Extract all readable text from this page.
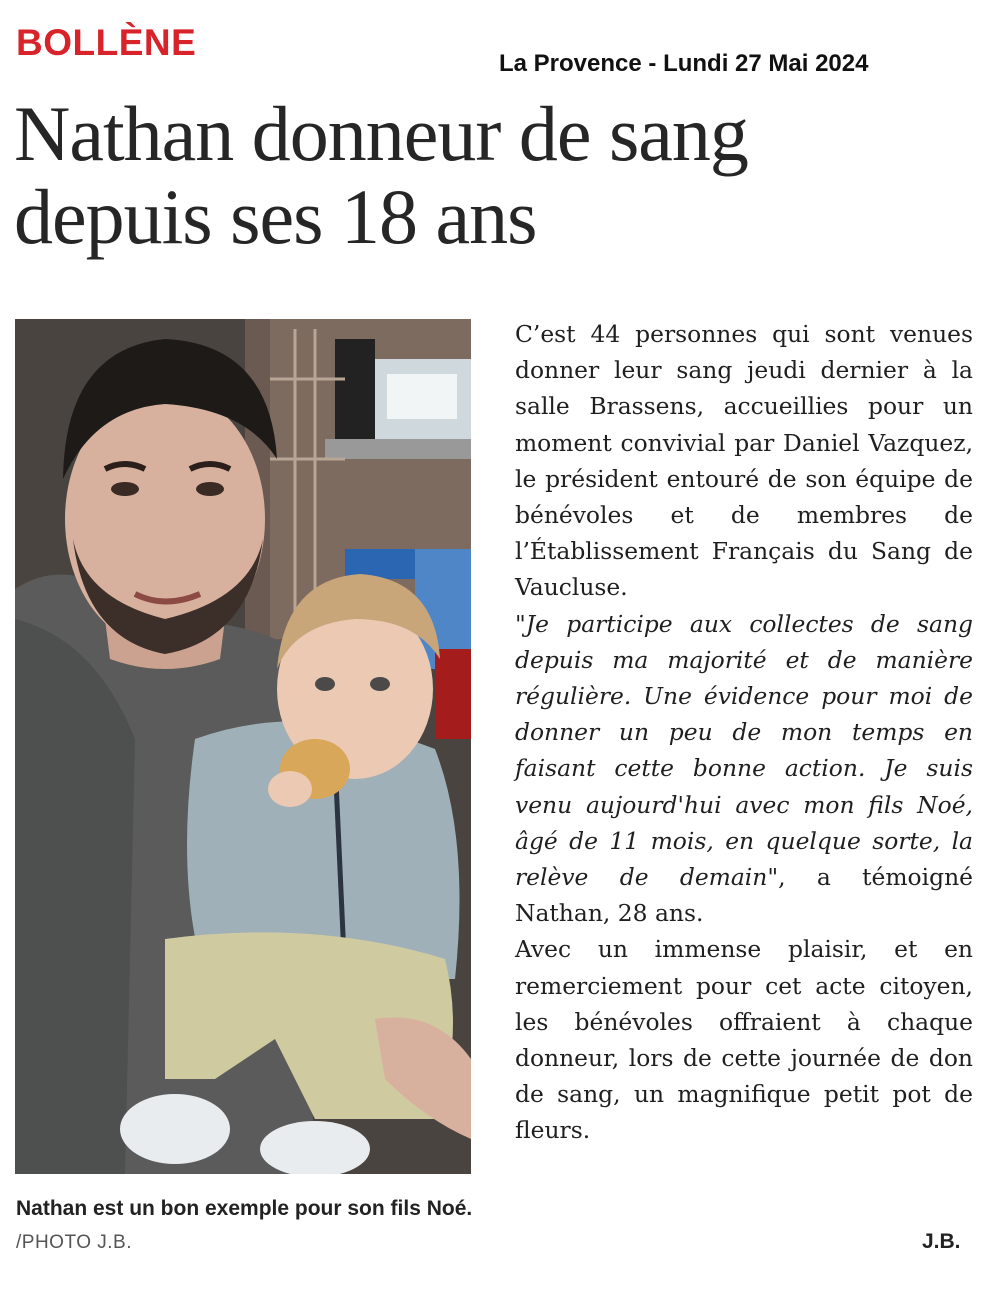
BOLLÈNE
La Provence - Lundi 27 Mai 2024
Nathan donneur de sang
depuis ses 18 ans
Nathan est un bon exemple pour son fils Noé. /PHOTO J.B.

C’est 44 personnes qui sont venues donner leur sang jeudi dernier à la salle Brassens, accueillies pour un moment convivial par Daniel Vazquez, le président entouré de son équipe de bénévoles et de membres de l’Établissement Français du Sang de Vaucluse.

"Je participe aux collectes de sang depuis ma majorité et de manière régulière. Une évidence pour moi de donner un peu de mon temps en faisant cette bonne action. Je suis venu aujourd'hui avec mon fils Noé, âgé de 11 mois, en quelque sorte, la relève de demain", a témoigné Nathan, 28 ans.

Avec un immense plaisir, et en remerciement pour cet acte citoyen, les bénévoles offraient à chaque donneur, lors de cette journée de don de sang, un magnifique petit pot de fleurs.

J.B.
